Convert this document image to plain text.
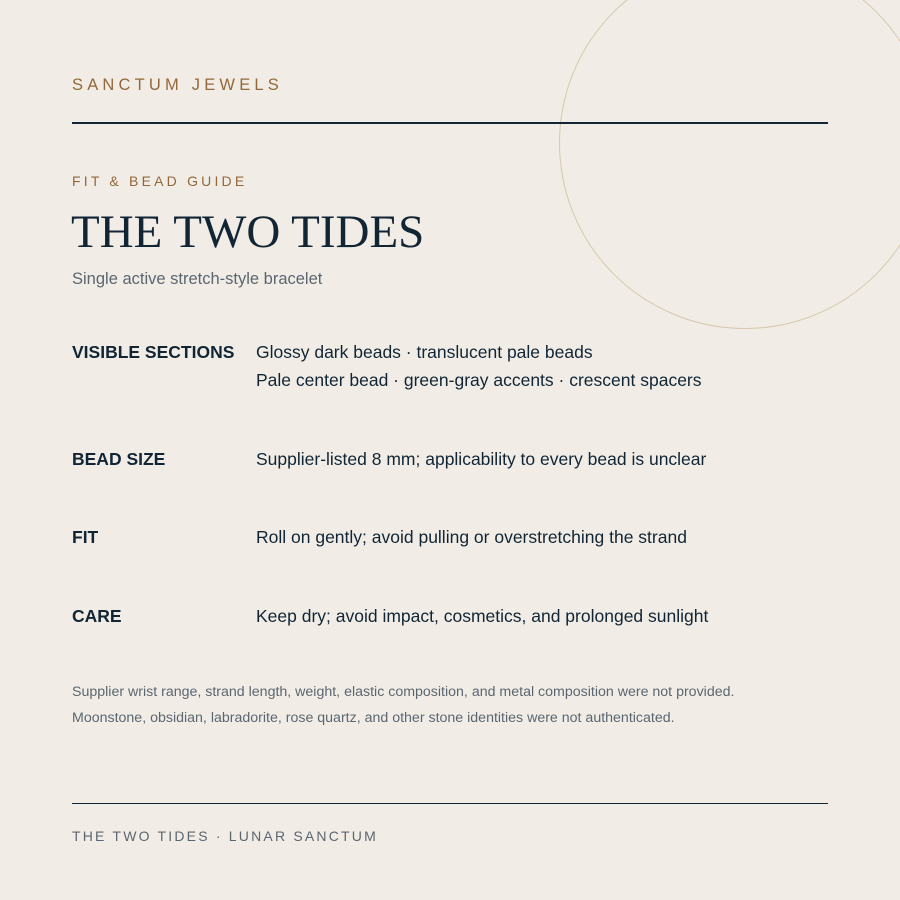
SANCTUM JEWELS
FIT & BEAD GUIDE
THE TWO TIDES
Single active stretch-style bracelet
VISIBLE SECTIONS Glossy dark beads · translucent pale beads
Pale center bead · green-gray accents · crescent spacers
BEAD SIZE	Supplier-listed 8 mm; applicability to every bead is unclear
FIT	Roll on gently; avoid pulling or overstretching the strand
CARE	Keep dry; avoid impact, cosmetics, and prolonged sunlight
Supplier wrist range, strand length, weight, elastic composition, and metal composition were not provided.
Moonstone, obsidian, labradorite, rose quartz, and other stone identities were not authenticated.
THE TWO TIDES · LUNAR SANCTUM
